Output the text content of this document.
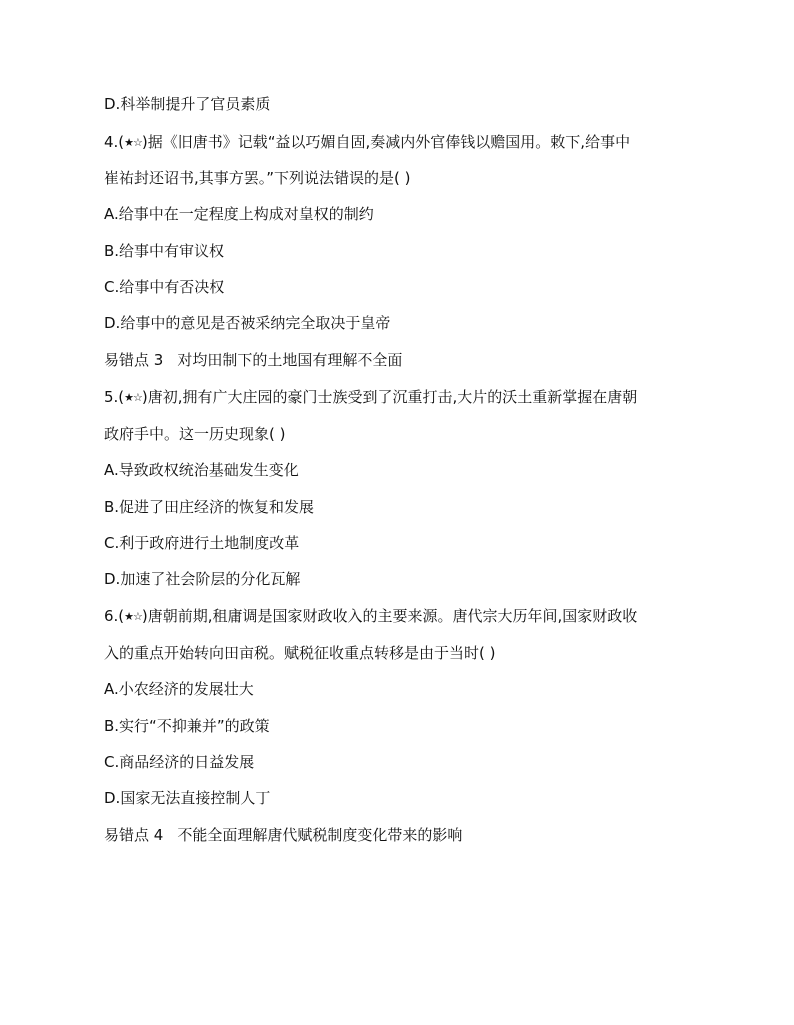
D.科举制提升了官员素质
4.(★☆)据《旧唐书》记载“益以巧媚自固,奏减内外官俸钱以赡国用。敕下,给事中
崔祐封还诏书,其事方罢。”下列说法错误的是( )
A.给事中在一定程度上构成对皇权的制约
B.给事中有审议权
C.给事中有否决权
D.给事中的意见是否被采纳完全取决于皇帝
易错点 3 对均田制下的土地国有理解不全面
5.(★☆)唐初,拥有广大庄园的豪门士族受到了沉重打击,大片的沃土重新掌握在唐朝
政府手中。这一历史现象( )
A.导致政权统治基础发生变化
B.促进了田庄经济的恢复和发展
C.利于政府进行土地制度改革
D.加速了社会阶层的分化瓦解
6.(★☆)唐朝前期,租庸调是国家财政收入的主要来源。唐代宗大历年间,国家财政收
入的重点开始转向田亩税。赋税征收重点转移是由于当时( )
A.小农经济的发展壮大
B.实行“不抑兼并”的政策
C.商品经济的日益发展
D.国家无法直接控制人丁
易错点 4 不能全面理解唐代赋税制度变化带来的影响
